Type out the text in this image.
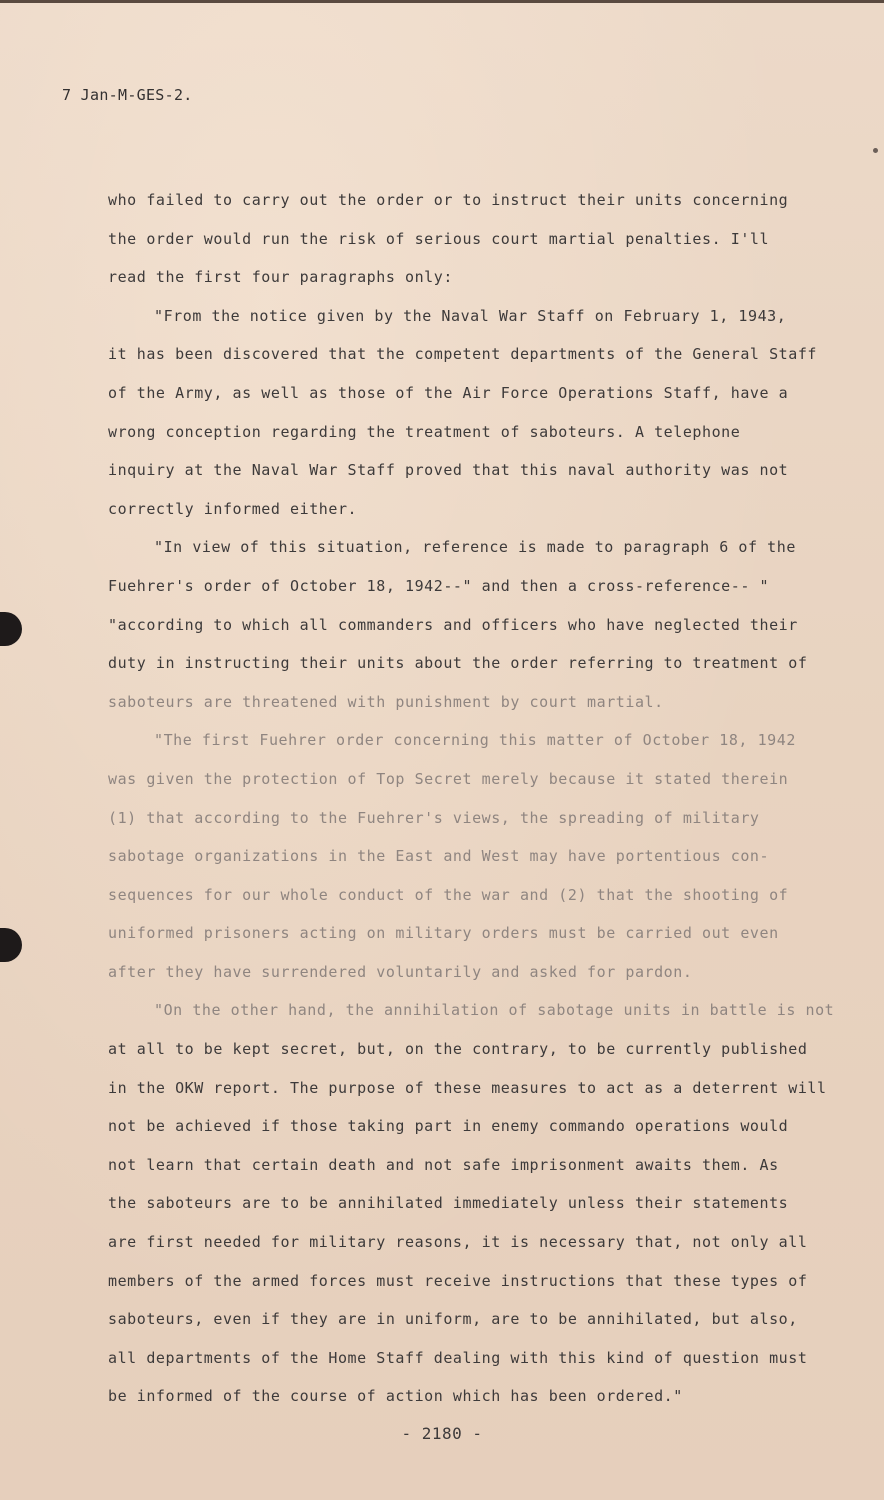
7 Jan-M-GES-2.
who failed to carry out the order or to instruct their units concerning
the order would run the risk of serious court martial penalties. I'll
read the first four paragraphs only:
"From the notice given by the Naval War Staff on February 1, 1943,
it has been discovered that the competent departments of the General Staff
of the Army, as well as those of the Air Force Operations Staff, have a
wrong conception regarding the treatment of saboteurs. A telephone
inquiry at the Naval War Staff proved that this naval authority was not
correctly informed either.
"In view of this situation, reference is made to paragraph 6 of the
Fuehrer's order of October 18, 1942--" and then a cross-reference-- "
"according to which all commanders and officers who have neglected their
duty in instructing their units about the order referring to treatment of
saboteurs are threatened with punishment by court martial.
"The first Fuehrer order concerning this matter of October 18, 1942
was given the protection of Top Secret merely because it stated therein
(1) that according to the Fuehrer's views, the spreading of military
sabotage organizations in the East and West may have portentious con-
sequences for our whole conduct of the war and (2) that the shooting of
uniformed prisoners acting on military orders must be carried out even
after they have surrendered voluntarily and asked for pardon.
"On the other hand, the annihilation of sabotage units in battle is not
at all to be kept secret, but, on the contrary, to be currently published
in the OKW report. The purpose of these measures to act as a deterrent will
not be achieved if those taking part in enemy commando operations would
not learn that certain death and not safe imprisonment awaits them. As
the saboteurs are to be annihilated immediately unless their statements
are first needed for military reasons, it is necessary that, not only all
members of the armed forces must receive instructions that these types of
saboteurs, even if they are in uniform, are to be annihilated, but also,
all departments of the Home Staff dealing with this kind of question must
be informed of the course of action which has been ordered."
- 2180 -
